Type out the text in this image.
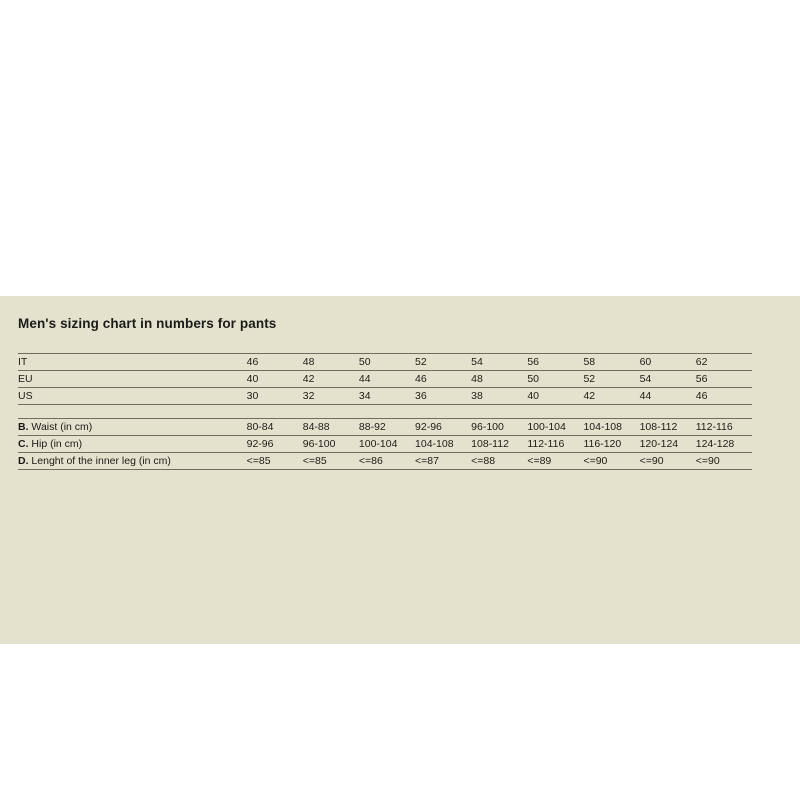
Men's sizing chart in numbers for pants
IT	46	48	50	52	54	56	58	60	62
EU	40	42	44	46	48	50	52	54	56
US	30	32	34	36	38	40	42	44	46

B. Waist (in cm)	80-84	84-88	88-92	92-96	96-100	100-104	104-108	108-112	112-116
C. Hip (in cm)	92-96	96-100	100-104	104-108	108-112	112-116	116-120	120-124	124-128
D. Lenght of the inner leg (in cm)	<=85	<=85	<=86	<=87	<=88	<=89	<=90	<=90	<=90
